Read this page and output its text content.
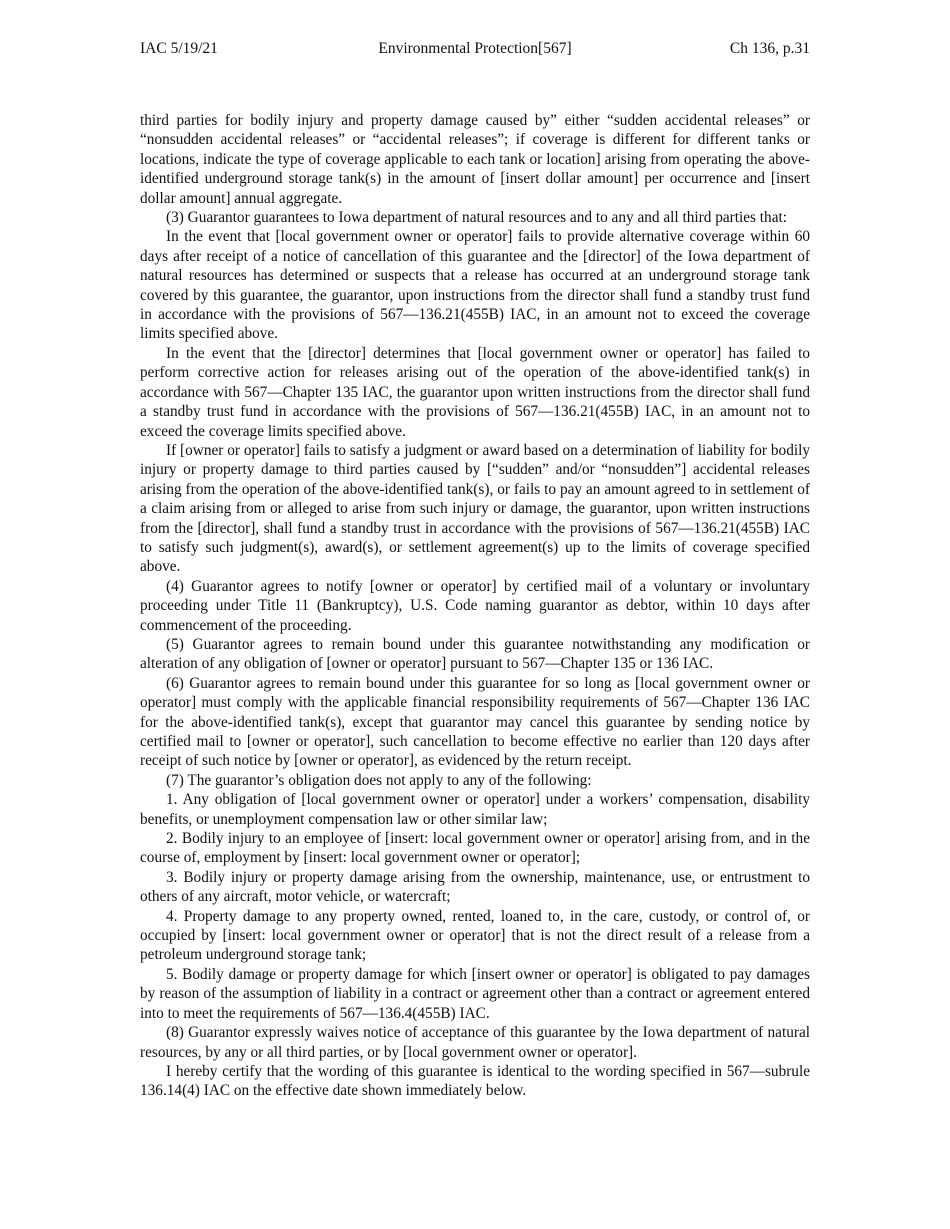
IAC 5/19/21	Environmental Protection[567]	Ch 136, p.31

third parties for bodily injury and property damage caused by” either “sudden accidental releases” or “nonsudden accidental releases” or “accidental releases”; if coverage is different for different tanks or locations, indicate the type of coverage applicable to each tank or location] arising from operating the above-identified underground storage tank(s) in the amount of [insert dollar amount] per occurrence and [insert dollar amount] annual aggregate.

(3) Guarantor guarantees to Iowa department of natural resources and to any and all third parties that:

In the event that [local government owner or operator] fails to provide alternative coverage within 60 days after receipt of a notice of cancellation of this guarantee and the [director] of the Iowa department of natural resources has determined or suspects that a release has occurred at an underground storage tank covered by this guarantee, the guarantor, upon instructions from the director shall fund a standby trust fund in accordance with the provisions of 567—136.21(455B) IAC, in an amount not to exceed the coverage limits specified above.

In the event that the [director] determines that [local government owner or operator] has failed to perform corrective action for releases arising out of the operation of the above-identified tank(s) in accordance with 567—Chapter 135 IAC, the guarantor upon written instructions from the director shall fund a standby trust fund in accordance with the provisions of 567—136.21(455B) IAC, in an amount not to exceed the coverage limits specified above.

If [owner or operator] fails to satisfy a judgment or award based on a determination of liability for bodily injury or property damage to third parties caused by [“sudden” and/or “nonsudden”] accidental releases arising from the operation of the above-identified tank(s), or fails to pay an amount agreed to in settlement of a claim arising from or alleged to arise from such injury or damage, the guarantor, upon written instructions from the [director], shall fund a standby trust in accordance with the provisions of 567—136.21(455B) IAC to satisfy such judgment(s), award(s), or settlement agreement(s) up to the limits of coverage specified above.

(4) Guarantor agrees to notify [owner or operator] by certified mail of a voluntary or involuntary proceeding under Title 11 (Bankruptcy), U.S. Code naming guarantor as debtor, within 10 days after commencement of the proceeding.

(5) Guarantor agrees to remain bound under this guarantee notwithstanding any modification or alteration of any obligation of [owner or operator] pursuant to 567—Chapter 135 or 136 IAC.

(6) Guarantor agrees to remain bound under this guarantee for so long as [local government owner or operator] must comply with the applicable financial responsibility requirements of 567—Chapter 136 IAC for the above-identified tank(s), except that guarantor may cancel this guarantee by sending notice by certified mail to [owner or operator], such cancellation to become effective no earlier than 120 days after receipt of such notice by [owner or operator], as evidenced by the return receipt.

(7) The guarantor’s obligation does not apply to any of the following:

1. Any obligation of [local government owner or operator] under a workers’ compensation, disability benefits, or unemployment compensation law or other similar law;

2. Bodily injury to an employee of [insert: local government owner or operator] arising from, and in the course of, employment by [insert: local government owner or operator];

3. Bodily injury or property damage arising from the ownership, maintenance, use, or entrustment to others of any aircraft, motor vehicle, or watercraft;

4. Property damage to any property owned, rented, loaned to, in the care, custody, or control of, or occupied by [insert: local government owner or operator] that is not the direct result of a release from a petroleum underground storage tank;

5. Bodily damage or property damage for which [insert owner or operator] is obligated to pay damages by reason of the assumption of liability in a contract or agreement other than a contract or agreement entered into to meet the requirements of 567—136.4(455B) IAC.

(8) Guarantor expressly waives notice of acceptance of this guarantee by the Iowa department of natural resources, by any or all third parties, or by [local government owner or operator].

I hereby certify that the wording of this guarantee is identical to the wording specified in 567—subrule 136.14(4) IAC on the effective date shown immediately below.
